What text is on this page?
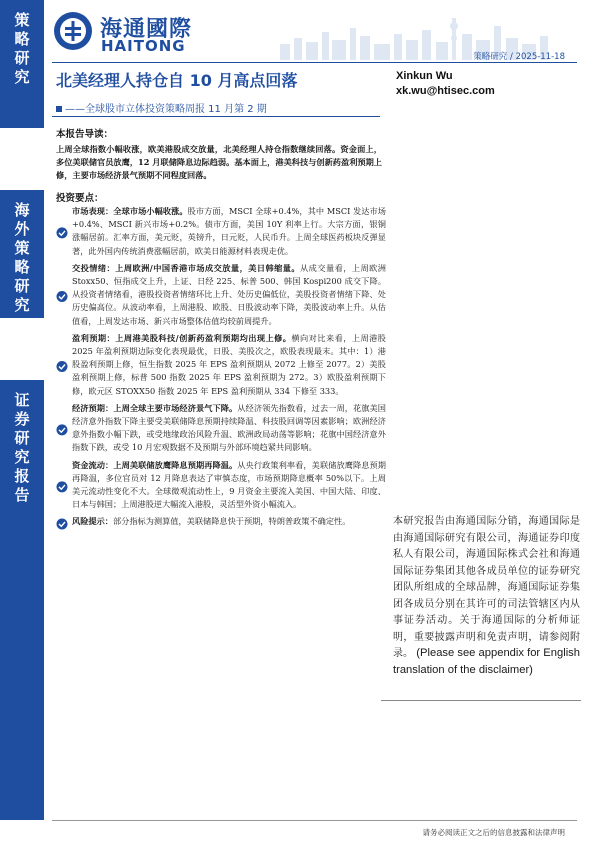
策略研究
海外策略研究
证券研究报告
海通國際
HAITONG
策略研究 / 2025-11-18
北美经理人持仓自 10 月高点回落
——全球股市立体投资策略周报 11 月第 2 期
Xinkun Wu
xk.wu@htisec.com
本报告导读：
上周全球指数小幅收涨，欧美港股成交放量，北美经理人持仓指数继续回落。资金面上，多位美联储官员放鹰，12 月联储降息边际趋弱。基本面上，港美科技与创新药盈利预期上修，主要市场经济景气预期不同程度回落。
投资要点：
市场表现：全球市场小幅收涨。股市方面，MSCI 全球+0.4%，其中 MSCI 发达市场+0.4%、MSCI 新兴市场+0.2%。债市方面，美国 10Y 利率上行。大宗方面，银铜涨幅居前。汇率方面，美元贬，英镑升，日元贬，人民币升。上周全球医药板块反弹显著，此外国内传统消费涨幅居前，欧美日能源材料表现走优。
交投情绪：上周欧洲/中国香港市场成交放量，美日韩缩量。从成交量看，上周欧洲 Stoxx50、恒指成交上升，上证、日经 225、标普 500、韩国 Kospi200 成交下降。从投资者情绪看，港股投资者情绪环比上升、处历史偏低位，美股投资者情绪下降、处历史偏高位。从波动率看，上周港股、欧股、日股波动率下降，美股波动率上升。从估值看，上周发达市场、新兴市场整体估值均较前周提升。
盈利预期：上周港美股科技/创新药盈利预期均出现上修。横向对比来看，上周港股 2025 年盈利预期边际变化表现最优，日股、美股次之，欧股表现最末。其中：1）港股盈利预期上修，恒生指数 2025 年 EPS 盈利预期从 2072 上修至 2077。2）美股盈利预期上修，标普 500 指数 2025 年 EPS 盈利预期为 272。3）欧股盈利预期下修，欧元区 STOXX50 指数 2025 年 EPS 盈利预期从 334 下修至 333。
经济预期：上周全球主要市场经济景气下降。从经济领先指数看，过去一周，花旗美国经济意外指数下降主要受美联储降息预期持续降温、科技股回调等因素影响；欧洲经济意外指数小幅下跌，或受地缘政治风险升温、欧洲政局动荡等影响；花旗中国经济意外指数下跌，或受 10 月宏观数据不及预期与外部环境趋紧共同影响。
资金流动：上周美联储放鹰降息预期再降温。从央行政策利率看，美联储放鹰降息预期再降温，多位官员对 12 月降息表达了审慎态度，市场预期降息概率 50%以下。上周美元流动性变化不大。全球微观流动性上，9 月资金主要流入美国、中国大陆、印度、日本与韩国；上周港股逆大幅流入港股，灵活型外资小幅流入。
风险提示：部分指标为测算值，美联储降息快于预期，特朗普政策不确定性。	本研究报告由海通国际分销，海通国际是由海通国际研究有限公司，海通证券印度私人有限公司，海通国际株式会社和海通国际证券集团其他各成员单位的证券研究团队所组成的全球品牌，海通国际证券集团各成员分别在其许可的司法管辖区内从事证券活动。关于海通国际的分析师证明，重要披露声明和免责声明，请参阅附录。 (Please see appendix for English translation of the disclaimer)
请务必阅读正文之后的信息披露和法律声明
